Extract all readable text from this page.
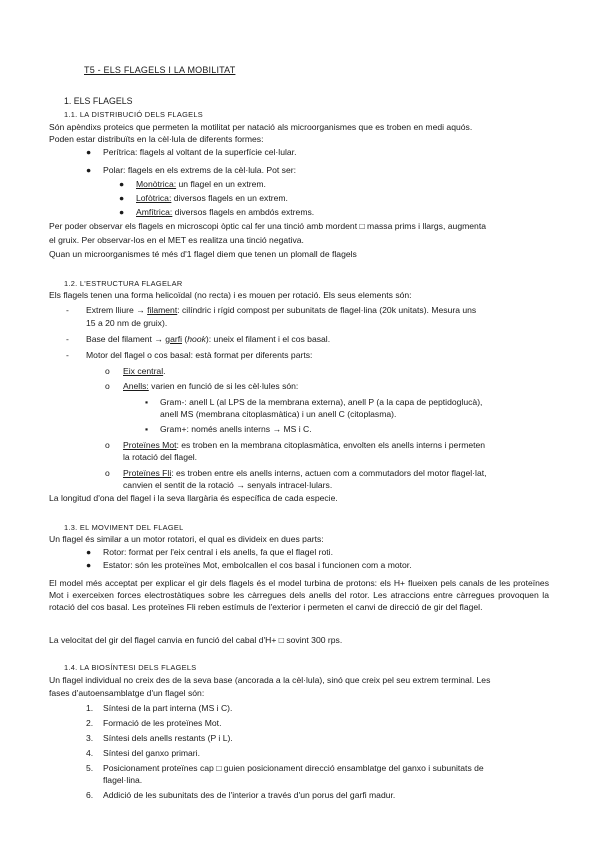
T5 - ELS FLAGELS I LA MOBILITAT
1. ELS FLAGELS
1.1. LA DISTRIBUCIÓ DELS FLAGELS
Són apèndixs proteics que permeten la motilitat per natació als microorganismes que es troben en medi aquós.
Poden estar distribuïts en la cèl·lula de diferents formes:
● Perítrica: flagels al voltant de la superfície cel·lular.
● Polar: flagels en els extrems de la cèl·lula. Pot ser:
● Monòtrica: un flagel en un extrem.
● Lofòtrica: diversos flagels en un extrem.
● Amfítrica: diversos flagels en ambdós extrems.
Per poder observar els flagels en microscopi òptic cal fer una tinció amb mordent □ massa prims i llargs, augmenta
el gruix. Per observar-los en el MET es realitza una tinció negativa.
Quan un microorganismes té més d'1 flagel diem que tenen un plomall de flagels
1.2. L'ESTRUCTURA FLAGELAR
Els flagels tenen una forma helicoïdal (no recta) i es mouen per rotació. Els seus elements són:
- Extrem lliure → filament: cilíndric i rígid compost per subunitats de flagel·lina (20k unitats). Mesura uns
15 a 20 nm de gruix).
- Base del filament → garfi (hook): uneix el filament i el cos basal.
- Motor del flagel o cos basal: està format per diferents parts:
o Eix central.
o Anells: varien en funció de si les cèl·lules són:
▪ Gram-: anell L (al LPS de la membrana externa), anell P (a la capa de peptidoglucà),
anell MS (membrana citoplasmàtica) i un anell C (citoplasma).
▪ Gram+: només anells interns → MS i C.
o Proteïnes Mot: es troben en la membrana citoplasmàtica, envolten els anells interns i permeten
la rotació del flagel.
o Proteïnes Fli: es troben entre els anells interns, actuen com a commutadors del motor flagel·lat,
canvien el sentit de la rotació → senyals intracel·lulars.
La longitud d'ona del flagel i la seva llargària és específica de cada especie.
1.3. EL MOVIMENT DEL FLAGEL
Un flagel és similar a un motor rotatori, el qual es divideix en dues parts:
● Rotor: format per l'eix central i els anells, fa que el flagel roti.
● Estator: són les proteïnes Mot, embolcallen el cos basal i funcionen com a motor.
El model més acceptat per explicar el gir dels flagels és el model turbina de protons: els H+ flueixen pels canals de les proteïnes Mot i exerceixen forces electrostàtiques sobre les càrregues dels anells del rotor. Les atraccions entre càrregues provoquen la rotació del cos basal. Les proteïnes Fli reben estímuls de l'exterior i permeten el canvi de direcció de gir del flagel.
La velocitat del gir del flagel canvia en funció del cabal d'H+ □ sovint 300 rps.
1.4. LA BIOSÍNTESI DELS FLAGELS
Un flagel individual no creix des de la seva base (ancorada a la cèl·lula), sinó que creix pel seu extrem terminal. Les
fases d'autoensamblatge d'un flagel són:
1. Síntesi de la part interna (MS i C).
2. Formació de les proteïnes Mot.
3. Síntesi dels anells restants (P i L).
4. Síntesi del ganxo primari.
5. Posicionament proteïnes cap □ guien posicionament direcció ensamblatge del ganxo i subunitats de
flagel·lina.
6. Addició de les subunitats des de l'interior a través d'un porus del garfi madur.
